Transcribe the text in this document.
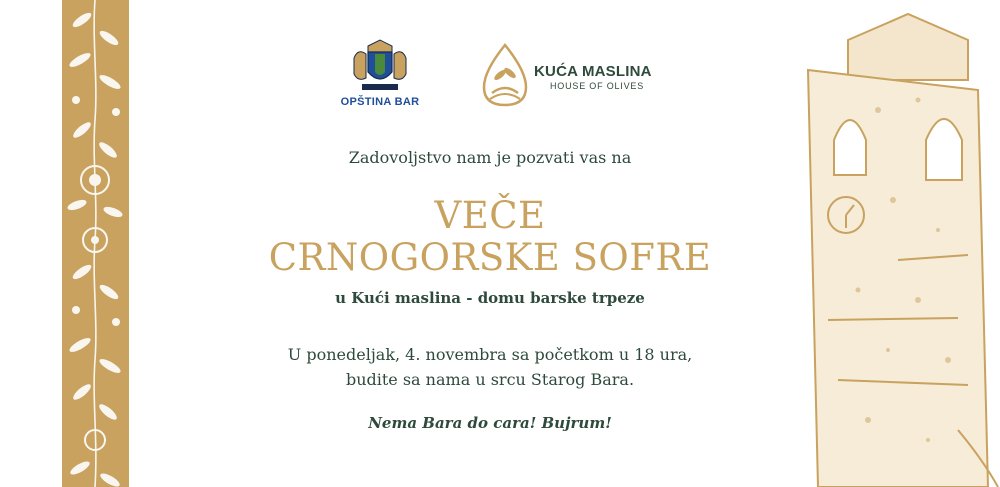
OPŠTINA BAR
KUĆA MASLINA
HOUSE OF OLIVES
Zadovoljstvo nam je pozvati vas na
VEČE
CRNOGORSKE SOFRE
u Kući maslina - domu barske trpeze
U ponedeljak, 4. novembra sa početkom u 18 ura,
budite sa nama u srcu Starog Bara.
Nema Bara do cara! Bujrum!
